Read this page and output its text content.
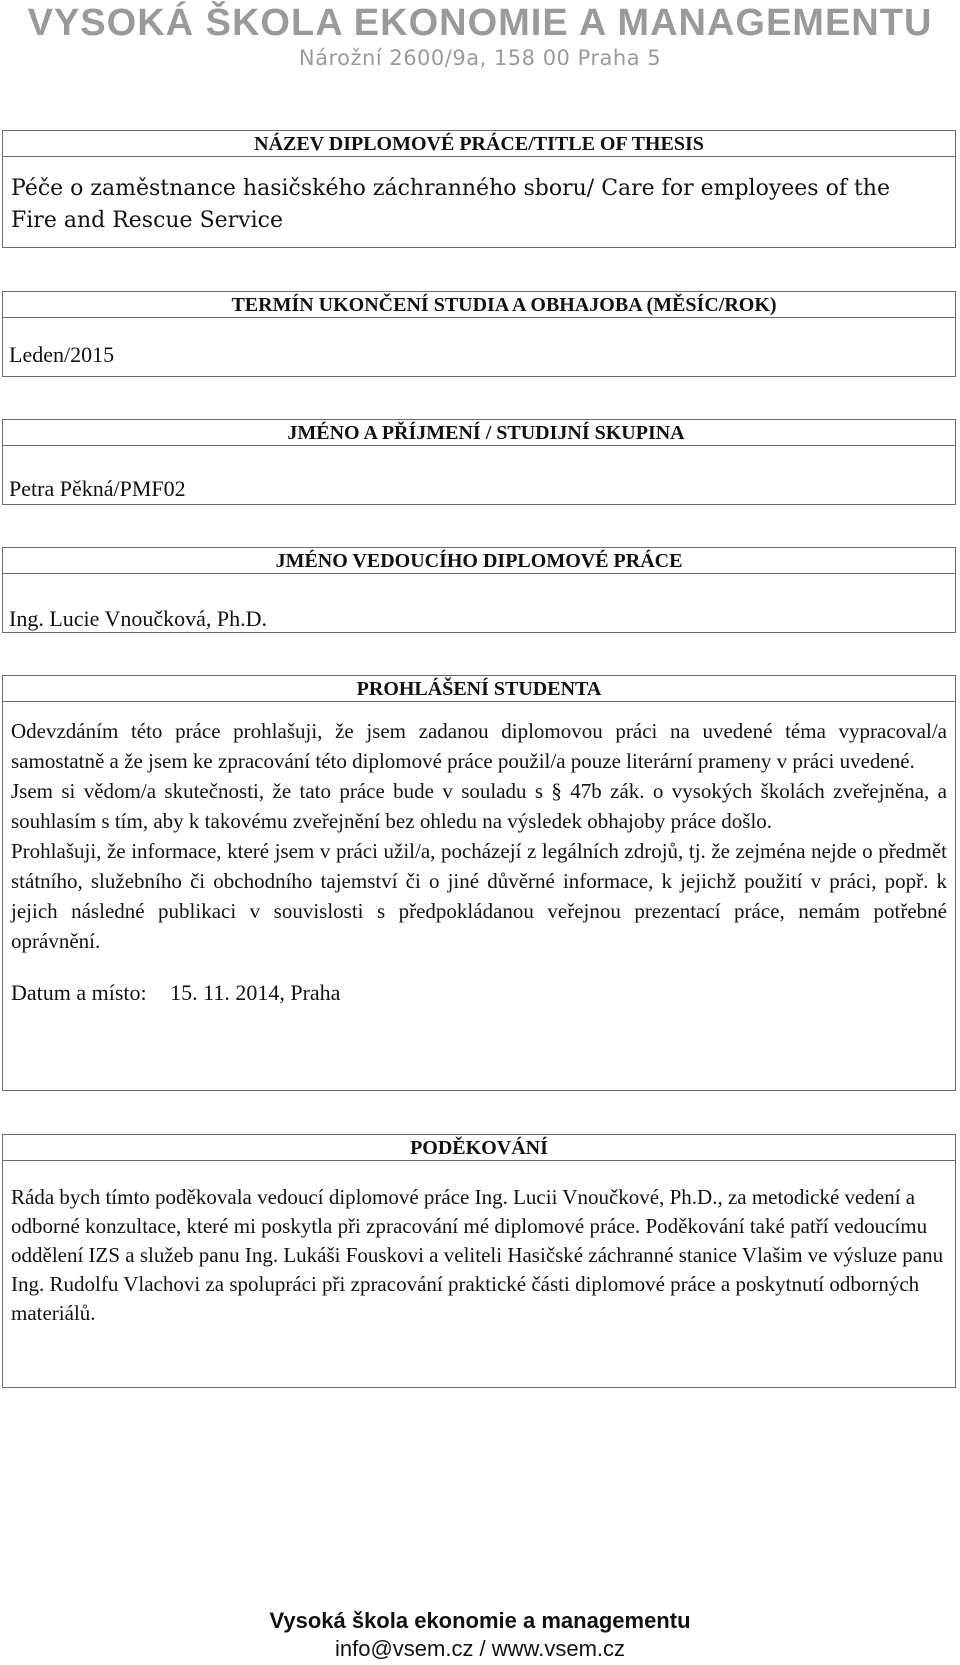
VYSOKÁ ŠKOLA EKONOMIE A MANAGEMENTU
Nárožní 2600/9a, 158 00 Praha 5
NÁZEV DIPLOMOVÉ PRÁCE/TITLE OF THESIS
Péče o zaměstnance hasičského záchranného sboru/ Care for employees of the
Fire and Rescue Service
TERMÍN UKONČENÍ STUDIA A OBHAJOBA (MĚSÍC/ROK)
Leden/2015
JMÉNO A PŘÍJMENÍ / STUDIJNÍ SKUPINA
Petra Pěkná/PMF02
JMÉNO VEDOUCÍHO DIPLOMOVÉ PRÁCE
Ing. Lucie Vnoučková, Ph.D.
PROHLÁŠENÍ STUDENTA

Odevzdáním této práce prohlašuji, že jsem zadanou diplomovou práci na uvedené téma vypracoval/a samostatně a že jsem ke zpracování této diplomové práce použil/a pouze literární prameny v práci uvedené.

Jsem si vědom/a skutečnosti, že tato práce bude v souladu s § 47b zák. o vysokých školách zveřejněna, a souhlasím s tím, aby k takovému zveřejnění bez ohledu na výsledek obhajoby práce došlo.

Prohlašuji, že informace, které jsem v práci užil/a, pocházejí z legálních zdrojů, tj. že zejména nejde o předmět státního, služebního či obchodního tajemství či o jiné důvěrné informace, k jejichž použití v práci, popř. k jejich následné publikaci v souvislosti s předpokládanou veřejnou prezentací práce, nemám potřebné oprávnění.

Datum a místo: 15. 11. 2014, Praha
PODĚKOVÁNÍ

Ráda bych tímto poděkovala vedoucí diplomové práce Ing. Lucii Vnoučkové, Ph.D., za metodické vedení a odborné konzultace, které mi poskytla při zpracování mé diplomové práce. Poděkování také patří vedoucímu oddělení IZS a služeb panu Ing. Lukáši Fouskovi a veliteli Hasičské záchranné stanice Vlašim ve výsluze panu Ing. Rudolfu Vlachovi za spolupráci při zpracování praktické části diplomové práce a poskytnutí odborných materiálů.

Vysoká škola ekonomie a managementu
info@vsem.cz / www.vsem.cz
